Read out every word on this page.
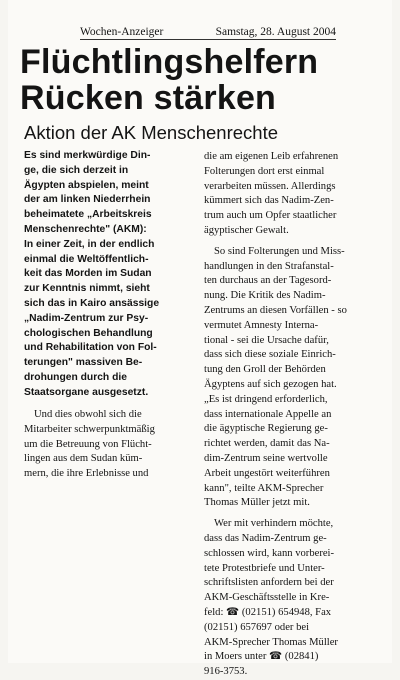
Wochen-Anzeiger	Samstag, 28. August 2004
Flüchtlingshelfern
Rücken stärken
Aktion der AK Menschenrechte
Es sind merkwürdige Din-
ge, die sich derzeit in
Ägypten abspielen, meint
der am linken Niederrhein
beheimatete „Arbeitskreis
Menschenrechte" (AKM):
In einer Zeit, in der endlich
einmal die Weltöffentlich-
keit das Morden im Sudan
zur Kenntnis nimmt, sieht
sich das in Kairo ansässige
„Nadim-Zentrum zur Psy-
chologischen Behandlung
und Rehabilitation von Fol-
terungen" massiven Be-
drohungen durch die
Staatsorgane ausgesetzt.
Und dies obwohl sich die
Mitarbeiter schwerpunktmäßig
um die Betreuung von Flücht-
lingen aus dem Sudan küm-
mern, die ihre Erlebnisse und
die am eigenen Leib erfahrenen
Folterungen dort erst einmal
verarbeiten müssen. Allerdings
kümmert sich das Nadim-Zen-
trum auch um Opfer staatlicher
ägyptischer Gewalt.
So sind Folterungen und Miss-
handlungen in den Strafanstal-
ten durchaus an der Tagesord-
nung. Die Kritik des Nadim-
Zentrums an diesen Vorfällen - so
vermutet Amnesty Interna-
tional - sei die Ursache dafür,
dass sich diese soziale Einrich-
tung den Groll der Behörden
Ägyptens auf sich gezogen hat.
„Es ist dringend erforderlich,
dass internationale Appelle an
die ägyptische Regierung ge-
richtet werden, damit das Na-
dim-Zentrum seine wertvolle
Arbeit ungestört weiterführen
kann", teilte AKM-Sprecher
Thomas Müller jetzt mit.
Wer mit verhindern möchte,
dass das Nadim-Zentrum ge-
schlossen wird, kann vorberei-
tete Protestbriefe und Unter-
schriftslisten anfordern bei der
AKM-Geschäftsstelle in Kre-
feld: ☎ (02151) 654948, Fax
(02151) 657697 oder bei
AKM-Sprecher Thomas Müller
in Moers unter ☎ (02841)
916-3753.
